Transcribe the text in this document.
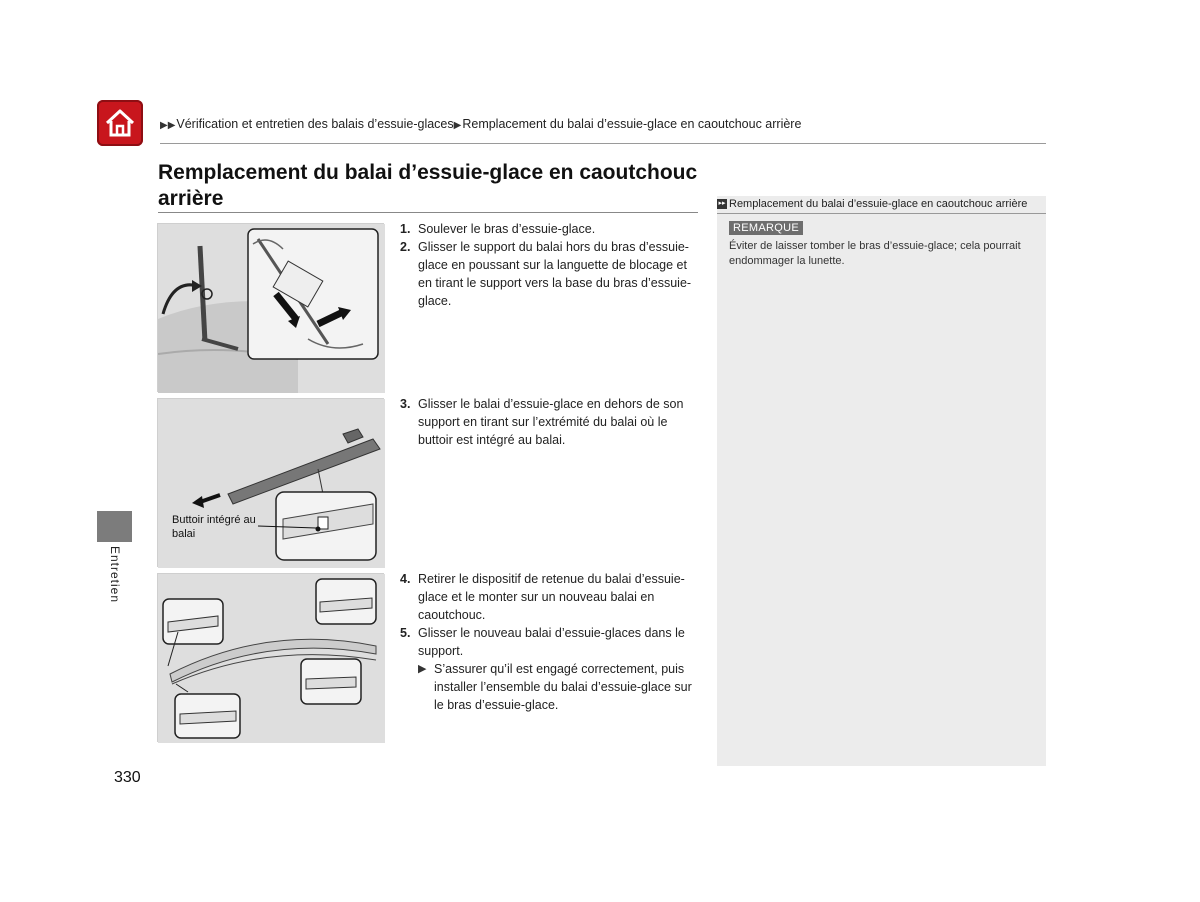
▶▶Vérification et entretien des balais d’essuie-glaces▶Remplacement du balai d’essuie-glace en caoutchouc arrière
Remplacement du balai d’essuie-glace en caoutchouc arrière
Buttoir intégré au balai
1. Soulever le bras d’essuie-glace.
2. Glisser le support du balai hors du bras d’essuie-glace en poussant sur la languette de blocage et en tirant le support vers la base du bras d’essuie-glace.
3. Glisser le balai d’essuie-glace en dehors de son support en tirant sur l’extrémité du balai où le buttoir est intégré au balai.
4. Retirer le dispositif de retenue du balai d’essuie-glace et le monter sur un nouveau balai en caoutchouc.
5. Glisser le nouveau balai d’essuie-glaces dans le support.
▶ S’assurer qu’il est engagé correctement, puis installer l’ensemble du balai d’essuie-glace sur le bras d’essuie-glace.
▸▸ Remplacement du balai d’essuie-glace en caoutchouc arrière
REMARQUE
Éviter de laisser tomber le bras d’essuie-glace; cela pourrait endommager la lunette.
Entretien
330
